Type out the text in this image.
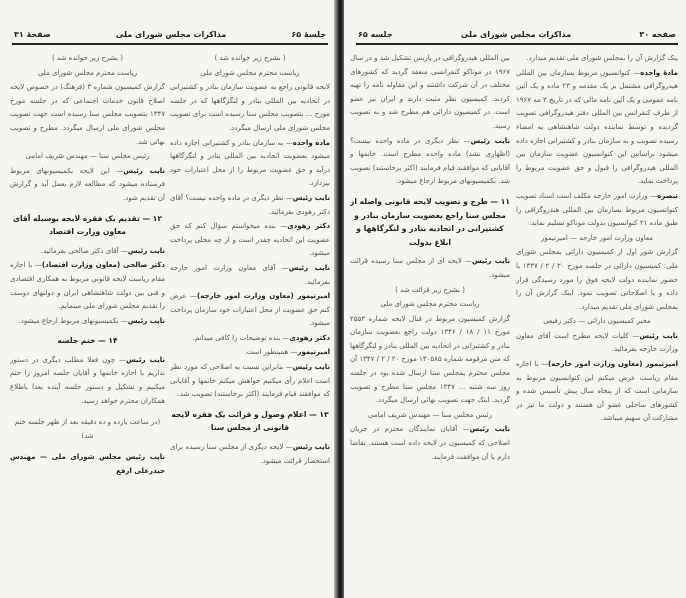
جلسهٔ ۶۵
مذاکرات مجلس شورای ملی
صفحهٔ ۳۱

( بشرح زیر خوانده شد )

ریاست محترم مجلس شورای ملی

لایحه قانونی راجع به عضویت سازمان بنادر و کشتیرانی در اتحادیه بین المللی بنادر و لنگرگاهها که در جلسه مورخ ... بتصویب مجلس سنا رسیده است برای تصویب مجلس شورای ملی ارسال میگردد.

ماده واحده— به سازمان بنادر و کشتیرانی اجازه داده میشود بعضویت اتحادیه بین المللی بنادر و لنگرگاهها درآید و حق عضویت مربوط را از محل اعتبارات خود بپردازد.

نایب رئیس— نظر دیگری در ماده واحده نیست؟ آقای دکتر رهودی بفرمائید.

دکتر رهودی— بنده میخواستم سؤال کنم که حق عضویت این اتحادیه چقدر است و از چه محلی پرداخت میشود.

نایب رئیس— آقای معاون وزارت امور خارجه بفرمائید.

امیرتیمور (معاون وزارت امور خارجه)— عرض کنم حق عضویت از محل اعتبارات خود سازمان پرداخت میشود.

دکتر رهودی— بنده توضیحات را کافی میدانم.

امیرتیمور— همینطور است.

نایب رئیس— بنابراین نسبت به اصلاحی که مورد نظر است اعلام رأی میکنیم خواهش میکنم خانمها و آقایانی که موافقند قیام فرمایند (اکثر برخاستند) تصویب شد.

۱۳ — اعلام وصول و قرائت یک فقره لایحه قانونی از مجلس سنا

نایب رئیس— لایحه دیگری از مجلس سنا رسیده برای استحضار قرائت میشود.

( بشرح زیر خوانده شد )

ریاست محترم مجلس شورای ملی

گزارش کمیسیون شماره ۳ (فرهنگ) در خصوص لایحه اصلاح قانون خدمات اجتماعی که در جلسه مورخ ۱۳۴۷ بتصویب مجلس سنا رسیده است جهت تصویب مجلس شورای ملی ارسال میگردد. مطرح و تصویب نهائی شد.

رئیس مجلس سنا — مهندس شریف امامی

نایب رئیس— این لایحه بکمیسیونهای مربوط فرستاده میشود که مطالعه لازم بعمل آید و گزارش آن تقدیم شود.

۱۲ — تقدیم یک فقره لایحه بوسیله آقای معاون وزارت اقتصاد

نایب رئیس— آقای دکتر صالحی بفرمائید.

دکتر صالحی (معاون وزارت اقتصاد)— با اجازه مقام ریاست لایحه قانونی مربوط به همکاری اقتصادی و فنی بین دولت شاهنشاهی ایران و دولتهای دوست را تقدیم مجلس شورای ملی مینمایم.

نایب رئیس— بکمیسیونهای مربوط ارجاع میشود.

۱۴ — ختم جلسه

نایب رئیس— چون فعلا مطلب دیگری در دستور نداریم با اجازه خانمها و آقایان جلسه امروز را ختم میکنیم و تشکیل و دستور جلسه آینده بعدا باطلاع همکاران محترم خواهد رسید.

(در ساعت یازده و ده دقیقه بعد از ظهر جلسه ختم شد)

نایب رئیس مجلس شورای ملی — مهندس حیدرعلی ارفع

صفحه ۳۰
مذاکرات مجلس شورای ملی
جلسه ۶۵

ینک گزارش آن را بمجلس شورای ملی تقدیم میدارد.

مادهٔ واحده— کنوانسیون مربوط بسازمان بین المللی هیدروگرافی مشتمل بر یک مقدمه و ۲۳ ماده و یک آئین نامه عمومی و یک آئین نامه مالی که در تاریخ ۳ مه ۱۹۶۷ از طرف کنفرانس بین المللی دفتر هیدروگرافی تصویب گردیده و توسط نماینده دولت شاهنشاهی به امضاء رسیده تصویب و به سازمان بنادر و کشتیرانی اجازه داده میشود براساس این کنوانسیون عضویت سازمان بین المللی هیدروگرافی را قبول و حق عضویت مربوط را پرداخت نماید.

تبصره— وزارت امور خارجه مکلف است اسناد تصویب کنوانسیون مربوط بسازمان بین المللی هیدروگرافی را طبق ماده ۲۱ کنوانسیون بدولت موناکو تسلیم نماید.

معاون وزارت امور خارجه — امیرتیمور

گزارش شور اول از کمیسیون دارائی بمجلس شورای ملی: کمیسیون دارائی در جلسه مورخ ۳۰ / ۲ / ۱۳۴۷ با حضور نماینده دولت لایحه فوق را مورد رسیدگی قرار داده و با اصلاحاتی تصویب نمود. اینک گزارش آن را بمجلس شورای ملی تقدیم میدارد.

مخبر کمیسیون دارائی — دکتر رفیعی

نایب رئیس— کلیات لایحه مطرح است آقای معاون وزارت خارجه بفرمائید.

امیرتیمور (معاون وزارت امور خارجه)— با اجازه مقام ریاست عرض میکنم این کنوانسیون مربوط به سازمانی است که از پنجاه سال پیش تأسیس شده و کشورهای ساحلی عضو آن هستند و دولت ما نیز در مشارکت آن سهیم میباشد.

بین المللی هیدروگرافی در پاریس تشکیل شد و در سال ۱۹۶۷ در موناکو کنفرانسی منعقد گردید که کشورهای مختلف در آن شرکت داشتند و این مقاوله نامه را تهیه کردند. کمیسیون نظر مثبت دارند و ایران نیز عضو است. در کمیسیون دارائی هم مطرح شد و به تصویب رسید.

نایب رئیس— نظر دیگری در ماده واحده نیست؟ (اظهاری نشد) ماده واحده مطرح است. خانمها و آقایانی که موافقند قیام فرمایند (اکثر برخاستند) تصویب شد. بکمیسیونهای مربوط ارجاع میشود.

۱۱ — طرح و تصویب لایحه قانونی واصله از مجلس سنا راجع بعضویت سازمان بنادر و کشتیرانی در اتحادیه بنادر و لنگرگاهها و ابلاغ بدولت

نایب رئیس— لایحه ای از مجلس سنا رسیده قرائت میشود.

( بشرح زیر قرائت شد )

ریاست محترم مجلس شورای ملی

گزارش کمیسیون مربوط در قبال لایحه شماره ۲۵۵۳ مورخ ۱۱ / ۱۸ / ۱۳۴۶ دولت راجع بعضویت سازمان بنادر و کشتیرانی در اتحادیه بین المللی بنادر و لنگرگاهها که متن مرقومه شماره ۱۳۰۵۸۵ مورخ ۲۰ / ۲ / ۱۳۴۷ آن مجلس محترم بمجلس سنا ارسال شده بود در جلسه روز سه شنبه ... ۱۳۴۷ مجلس سنا مطرح و تصویب گردید. اینک جهت تصویب نهائی ارسال میگردد.

رئیس مجلس سنا — مهندس شریف امامی

نایب رئیس— آقایان نمایندگان محترم در جریان اصلاحی که کمیسیون در لایحه داده است هستند. تقاضا دارم با آن موافقت فرمایند.
